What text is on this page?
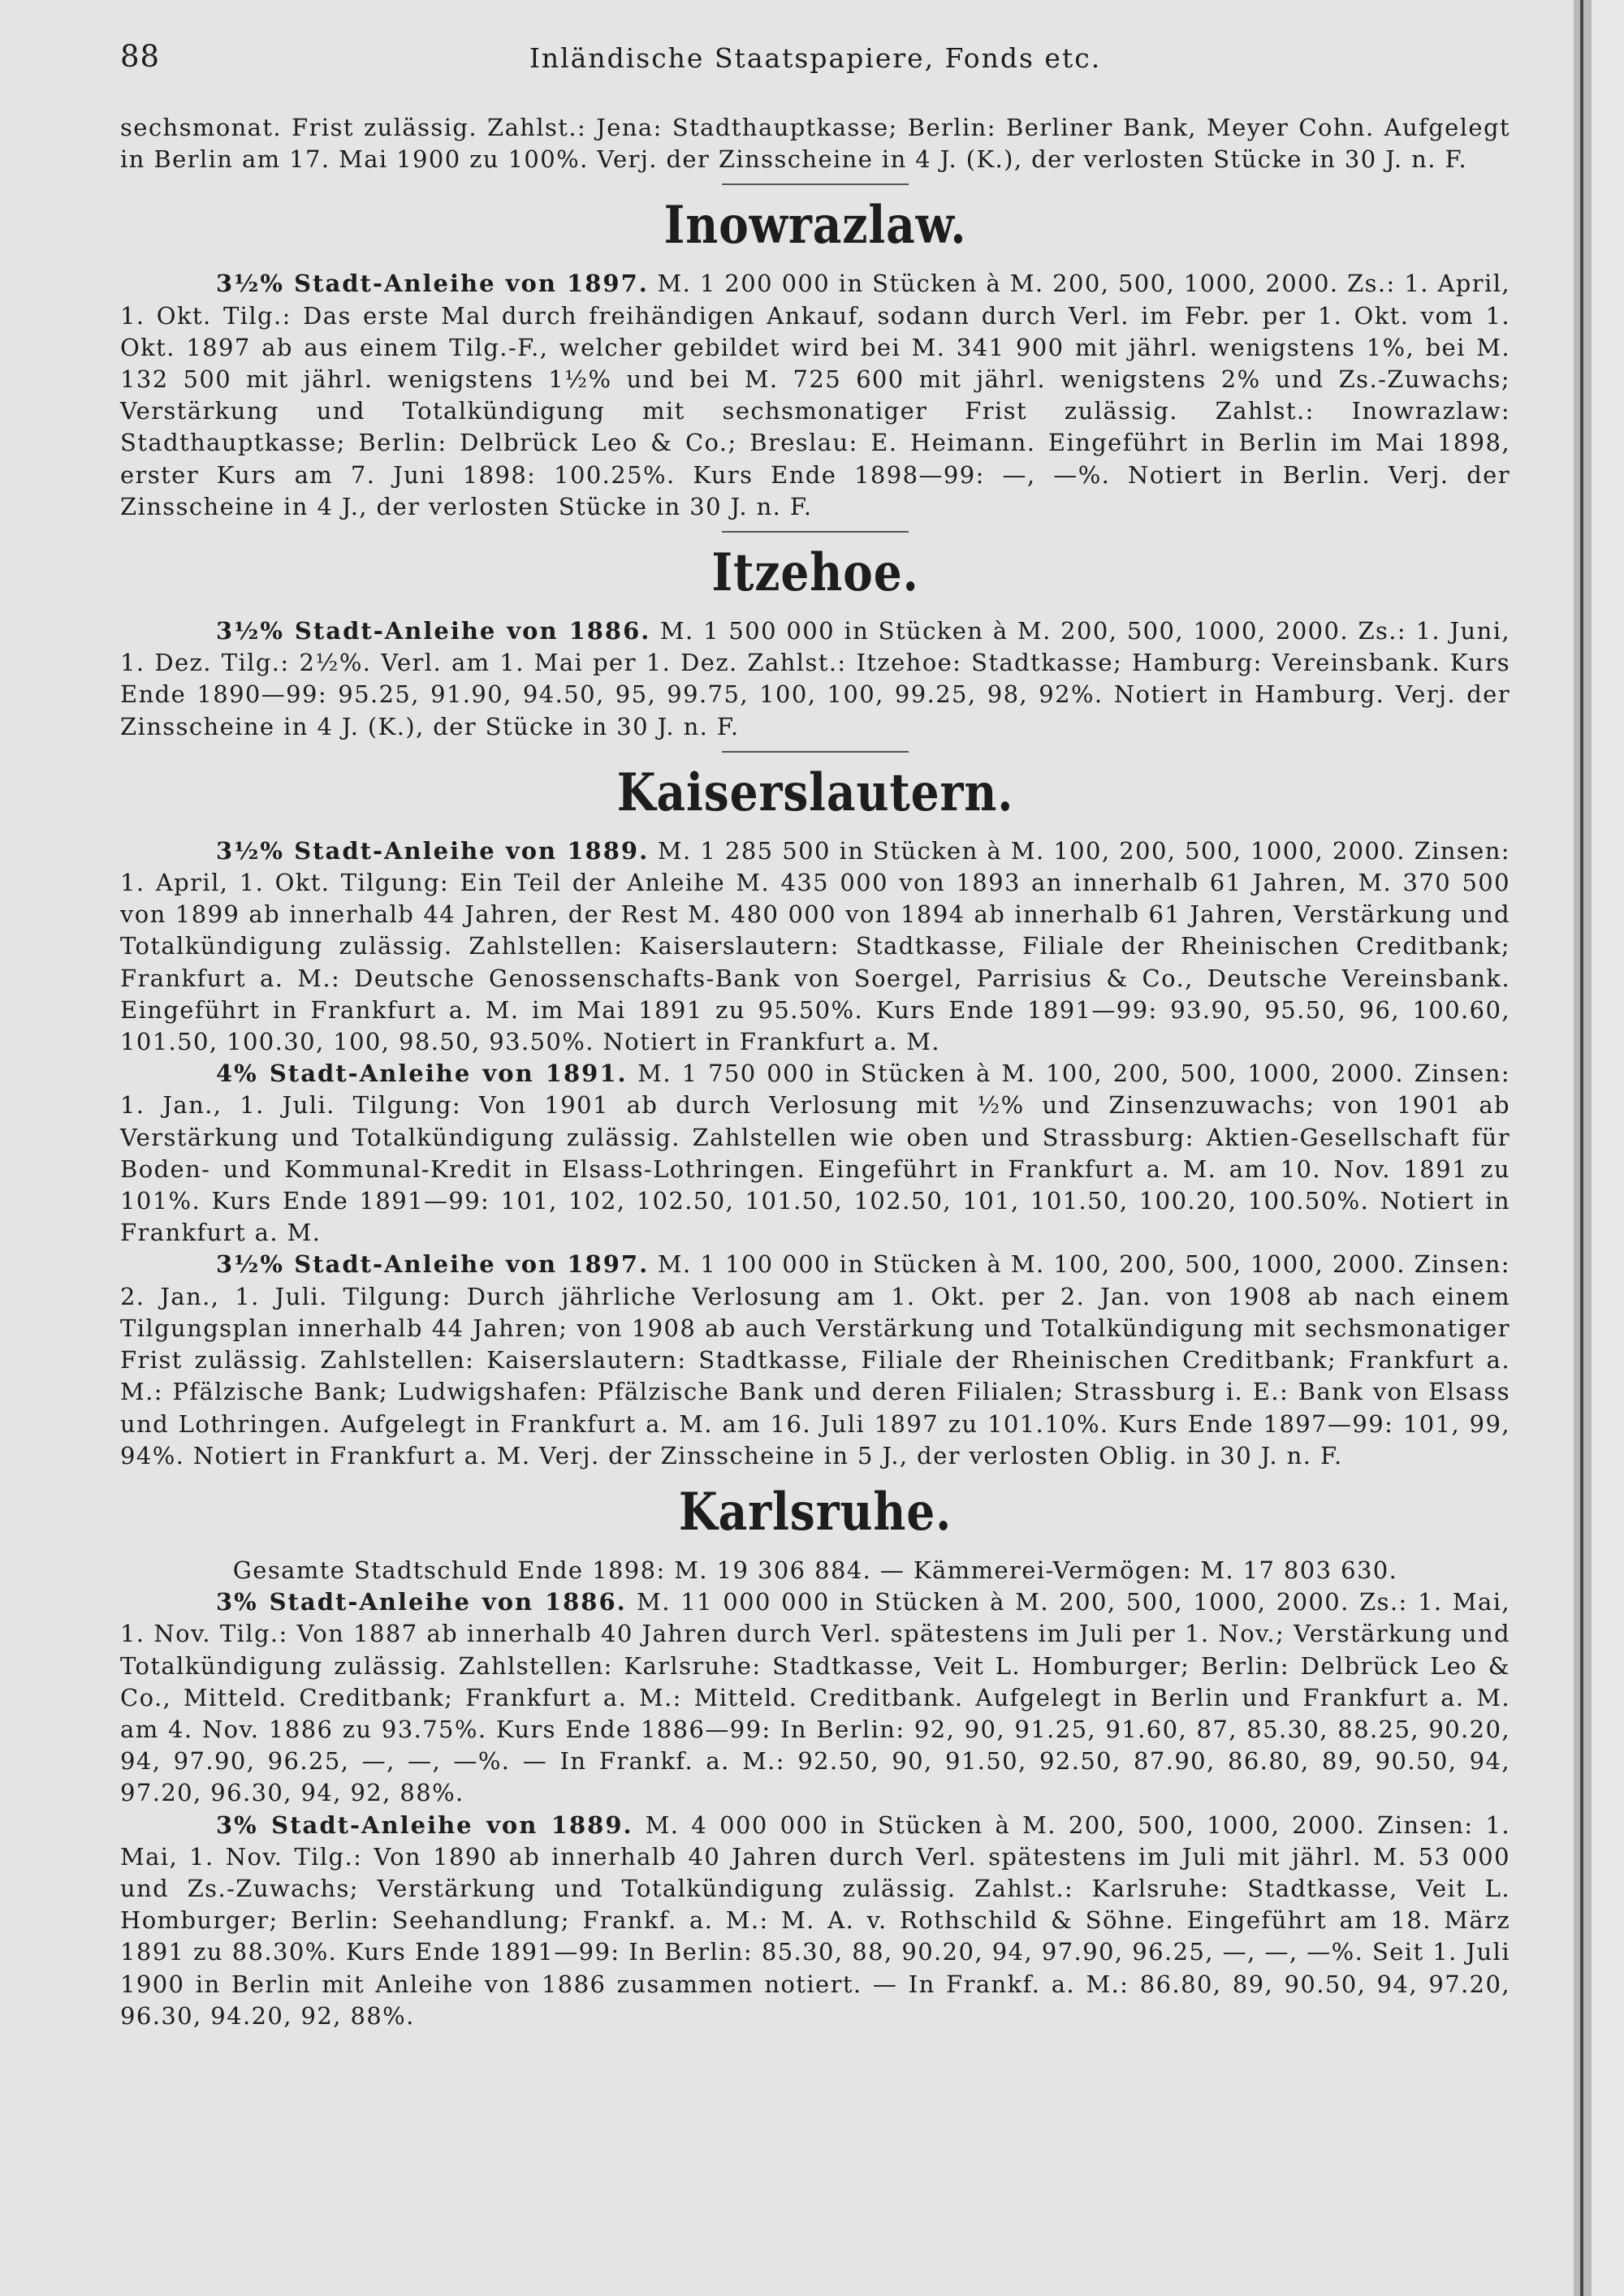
88	Inländische Staatspapiere, Fonds etc.

sechsmonat. Frist zulässig. Zahlst.: Jena: Stadthauptkasse; Berlin: Berliner Bank, Meyer Cohn. Aufgelegt in Berlin am 17. Mai 1900 zu 100%. Verj. der Zinsscheine in 4 J. (K.), der verlosten Stücke in 30 J. n. F.

Inowrazlaw.

3½% Stadt-Anleihe von 1897. M. 1 200 000 in Stücken à M. 200, 500, 1000, 2000. Zs.: 1. April, 1. Okt. Tilg.: Das erste Mal durch freihändigen Ankauf, sodann durch Verl. im Febr. per 1. Okt. vom 1. Okt. 1897 ab aus einem Tilg.-F., welcher gebildet wird bei M. 341 900 mit jährl. wenigstens 1%, bei M. 132 500 mit jährl. wenigstens 1½% und bei M. 725 600 mit jährl. wenigstens 2% und Zs.-Zuwachs; Verstärkung und Totalkündigung mit sechsmonatiger Frist zulässig. Zahlst.: Inowrazlaw: Stadthauptkasse; Berlin: Delbrück Leo & Co.; Breslau: E. Heimann. Eingeführt in Berlin im Mai 1898, erster Kurs am 7. Juni 1898: 100.25%. Kurs Ende 1898—99: —, —%. Notiert in Berlin. Verj. der Zinsscheine in 4 J., der verlosten Stücke in 30 J. n. F.

Itzehoe.

3½% Stadt-Anleihe von 1886. M. 1 500 000 in Stücken à M. 200, 500, 1000, 2000. Zs.: 1. Juni, 1. Dez. Tilg.: 2½%. Verl. am 1. Mai per 1. Dez. Zahlst.: Itzehoe: Stadtkasse; Hamburg: Vereinsbank. Kurs Ende 1890—99: 95.25, 91.90, 94.50, 95, 99.75, 100, 100, 99.25, 98, 92%. Notiert in Hamburg. Verj. der Zinsscheine in 4 J. (K.), der Stücke in 30 J. n. F.

Kaiserslautern.

3½% Stadt-Anleihe von 1889. M. 1 285 500 in Stücken à M. 100, 200, 500, 1000, 2000. Zinsen: 1. April, 1. Okt. Tilgung: Ein Teil der Anleihe M. 435 000 von 1893 an innerhalb 61 Jahren, M. 370 500 von 1899 ab innerhalb 44 Jahren, der Rest M. 480 000 von 1894 ab innerhalb 61 Jahren, Verstärkung und Totalkündigung zulässig. Zahlstellen: Kaiserslautern: Stadtkasse, Filiale der Rheinischen Creditbank; Frankfurt a. M.: Deutsche Genossenschafts-Bank von Soergel, Parrisius & Co., Deutsche Vereinsbank. Eingeführt in Frankfurt a. M. im Mai 1891 zu 95.50%. Kurs Ende 1891—99: 93.90, 95.50, 96, 100.60, 101.50, 100.30, 100, 98.50, 93.50%. Notiert in Frankfurt a. M.

4% Stadt-Anleihe von 1891. M. 1 750 000 in Stücken à M. 100, 200, 500, 1000, 2000. Zinsen: 1. Jan., 1. Juli. Tilgung: Von 1901 ab durch Verlosung mit ½% und Zinsenzuwachs; von 1901 ab Verstärkung und Totalkündigung zulässig. Zahlstellen wie oben und Strassburg: Aktien-Gesellschaft für Boden- und Kommunal-Kredit in Elsass-Lothringen. Eingeführt in Frankfurt a. M. am 10. Nov. 1891 zu 101%. Kurs Ende 1891—99: 101, 102, 102.50, 101.50, 102.50, 101, 101.50, 100.20, 100.50%. Notiert in Frankfurt a. M.

3½% Stadt-Anleihe von 1897. M. 1 100 000 in Stücken à M. 100, 200, 500, 1000, 2000. Zinsen: 2. Jan., 1. Juli. Tilgung: Durch jährliche Verlosung am 1. Okt. per 2. Jan. von 1908 ab nach einem Tilgungsplan innerhalb 44 Jahren; von 1908 ab auch Verstärkung und Totalkündigung mit sechsmonatiger Frist zulässig. Zahlstellen: Kaiserslautern: Stadtkasse, Filiale der Rheinischen Creditbank; Frankfurt a. M.: Pfälzische Bank; Ludwigshafen: Pfälzische Bank und deren Filialen; Strassburg i. E.: Bank von Elsass und Lothringen. Aufgelegt in Frankfurt a. M. am 16. Juli 1897 zu 101.10%. Kurs Ende 1897—99: 101, 99, 94%. Notiert in Frankfurt a. M. Verj. der Zinsscheine in 5 J., der verlosten Oblig. in 30 J. n. F.

Karlsruhe.

Gesamte Stadtschuld Ende 1898: M. 19 306 884. — Kämmerei-Vermögen: M. 17 803 630.

3% Stadt-Anleihe von 1886. M. 11 000 000 in Stücken à M. 200, 500, 1000, 2000. Zs.: 1. Mai, 1. Nov. Tilg.: Von 1887 ab innerhalb 40 Jahren durch Verl. spätestens im Juli per 1. Nov.; Verstärkung und Totalkündigung zulässig. Zahlstellen: Karlsruhe: Stadtkasse, Veit L. Homburger; Berlin: Delbrück Leo & Co., Mitteld. Creditbank; Frankfurt a. M.: Mitteld. Creditbank. Aufgelegt in Berlin und Frankfurt a. M. am 4. Nov. 1886 zu 93.75%. Kurs Ende 1886—99: In Berlin: 92, 90, 91.25, 91.60, 87, 85.30, 88.25, 90.20, 94, 97.90, 96.25, —, —, —%. — In Frankf. a. M.: 92.50, 90, 91.50, 92.50, 87.90, 86.80, 89, 90.50, 94, 97.20, 96.30, 94, 92, 88%.

3% Stadt-Anleihe von 1889. M. 4 000 000 in Stücken à M. 200, 500, 1000, 2000. Zinsen: 1. Mai, 1. Nov. Tilg.: Von 1890 ab innerhalb 40 Jahren durch Verl. spätestens im Juli mit jährl. M. 53 000 und Zs.-Zuwachs; Verstärkung und Totalkündigung zulässig. Zahlst.: Karlsruhe: Stadtkasse, Veit L. Homburger; Berlin: Seehandlung; Frankf. a. M.: M. A. v. Rothschild & Söhne. Eingeführt am 18. März 1891 zu 88.30%. Kurs Ende 1891—99: In Berlin: 85.30, 88, 90.20, 94, 97.90, 96.25, —, —, —%. Seit 1. Juli 1900 in Berlin mit Anleihe von 1886 zusammen notiert. — In Frankf. a. M.: 86.80, 89, 90.50, 94, 97.20, 96.30, 94.20, 92, 88%.
